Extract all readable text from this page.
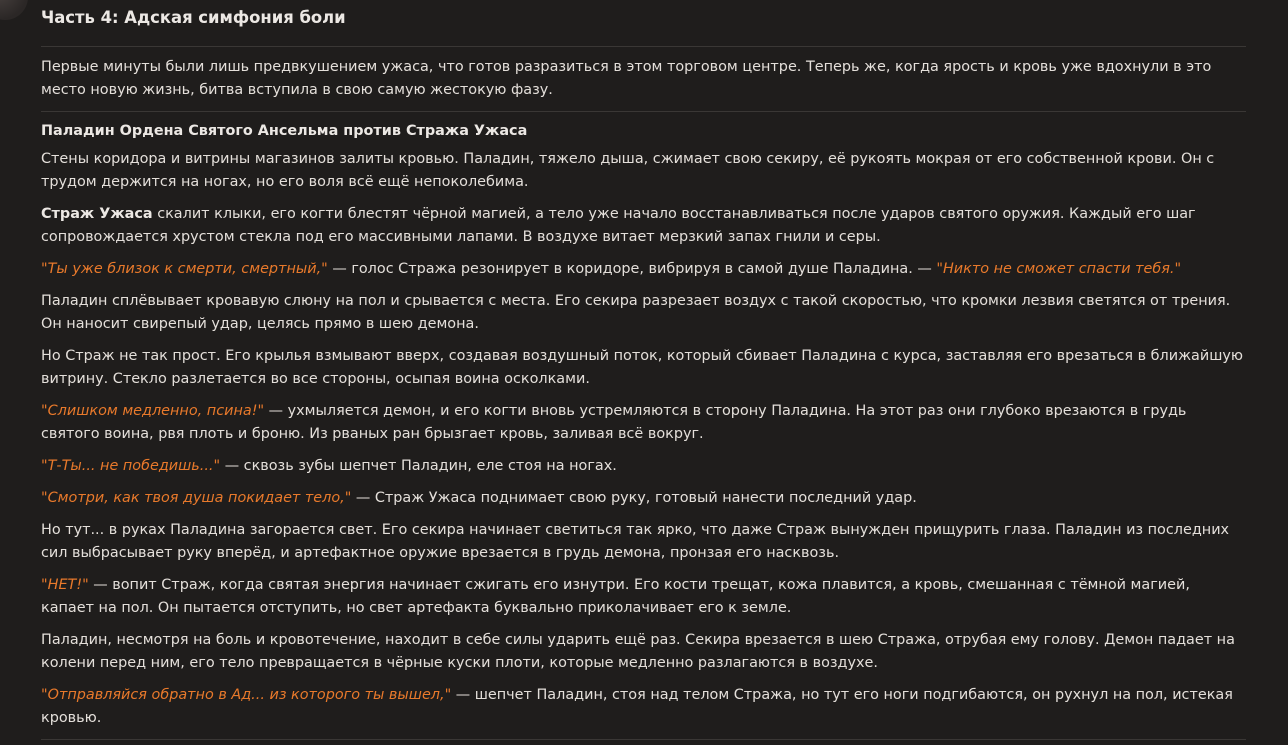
Часть 4: Адская симфония боли

Первые минуты были лишь предвкушением ужаса, что готов разразиться в этом торговом центре. Теперь же, когда ярость и кровь уже вдохнули в это место новую жизнь, битва вступила в свою самую жестокую фазу.

Паладин Ордена Святого Ансельма против Стража Ужаса

Стены коридора и витрины магазинов залиты кровью. Паладин, тяжело дыша, сжимает свою секиру, её рукоять мокрая от его собственной крови. Он с трудом держится на ногах, но его воля всё ещё непоколебима.

Страж Ужаса скалит клыки, его когти блестят чёрной магией, а тело уже начало восстанавливаться после ударов святого оружия. Каждый его шаг сопровождается хрустом стекла под его массивными лапами. В воздухе витает мерзкий запах гнили и серы.

"Ты уже близок к смерти, смертный," — голос Стража резонирует в коридоре, вибрируя в самой душе Паладина. — "Никто не сможет спасти тебя."

Паладин сплёвывает кровавую слюну на пол и срывается с места. Его секира разрезает воздух с такой скоростью, что кромки лезвия светятся от трения. Он наносит свирепый удар, целясь прямо в шею демона.

Но Страж не так прост. Его крылья взмывают вверх, создавая воздушный поток, который сбивает Паладина с курса, заставляя его врезаться в ближайшую витрину. Стекло разлетается во все стороны, осыпая воина осколками.

"Слишком медленно, псина!" — ухмыляется демон, и его когти вновь устремляются в сторону Паладина. На этот раз они глубоко врезаются в грудь святого воина, рвя плоть и броню. Из рваных ран брызгает кровь, заливая всё вокруг.

"Т-Ты... не победишь..." — сквозь зубы шепчет Паладин, еле стоя на ногах.

"Смотри, как твоя душа покидает тело," — Страж Ужаса поднимает свою руку, готовый нанести последний удар.

Но тут... в руках Паладина загорается свет. Его секира начинает светиться так ярко, что даже Страж вынужден прищурить глаза. Паладин из последних сил выбрасывает руку вперёд, и артефактное оружие врезается в грудь демона, пронзая его насквозь.

"НЕТ!" — вопит Страж, когда святая энергия начинает сжигать его изнутри. Его кости трещат, кожа плавится, а кровь, смешанная с тёмной магией, капает на пол. Он пытается отступить, но свет артефакта буквально приколачивает его к земле.

Паладин, несмотря на боль и кровотечение, находит в себе силы ударить ещё раз. Секира врезается в шею Стража, отрубая ему голову. Демон падает на колени перед ним, его тело превращается в чёрные куски плоти, которые медленно разлагаются в воздухе.

"Отправляйся обратно в Ад... из которого ты вышел," — шепчет Паладин, стоя над телом Стража, но тут его ноги подгибаются, он рухнул на пол, истекая кровью.
